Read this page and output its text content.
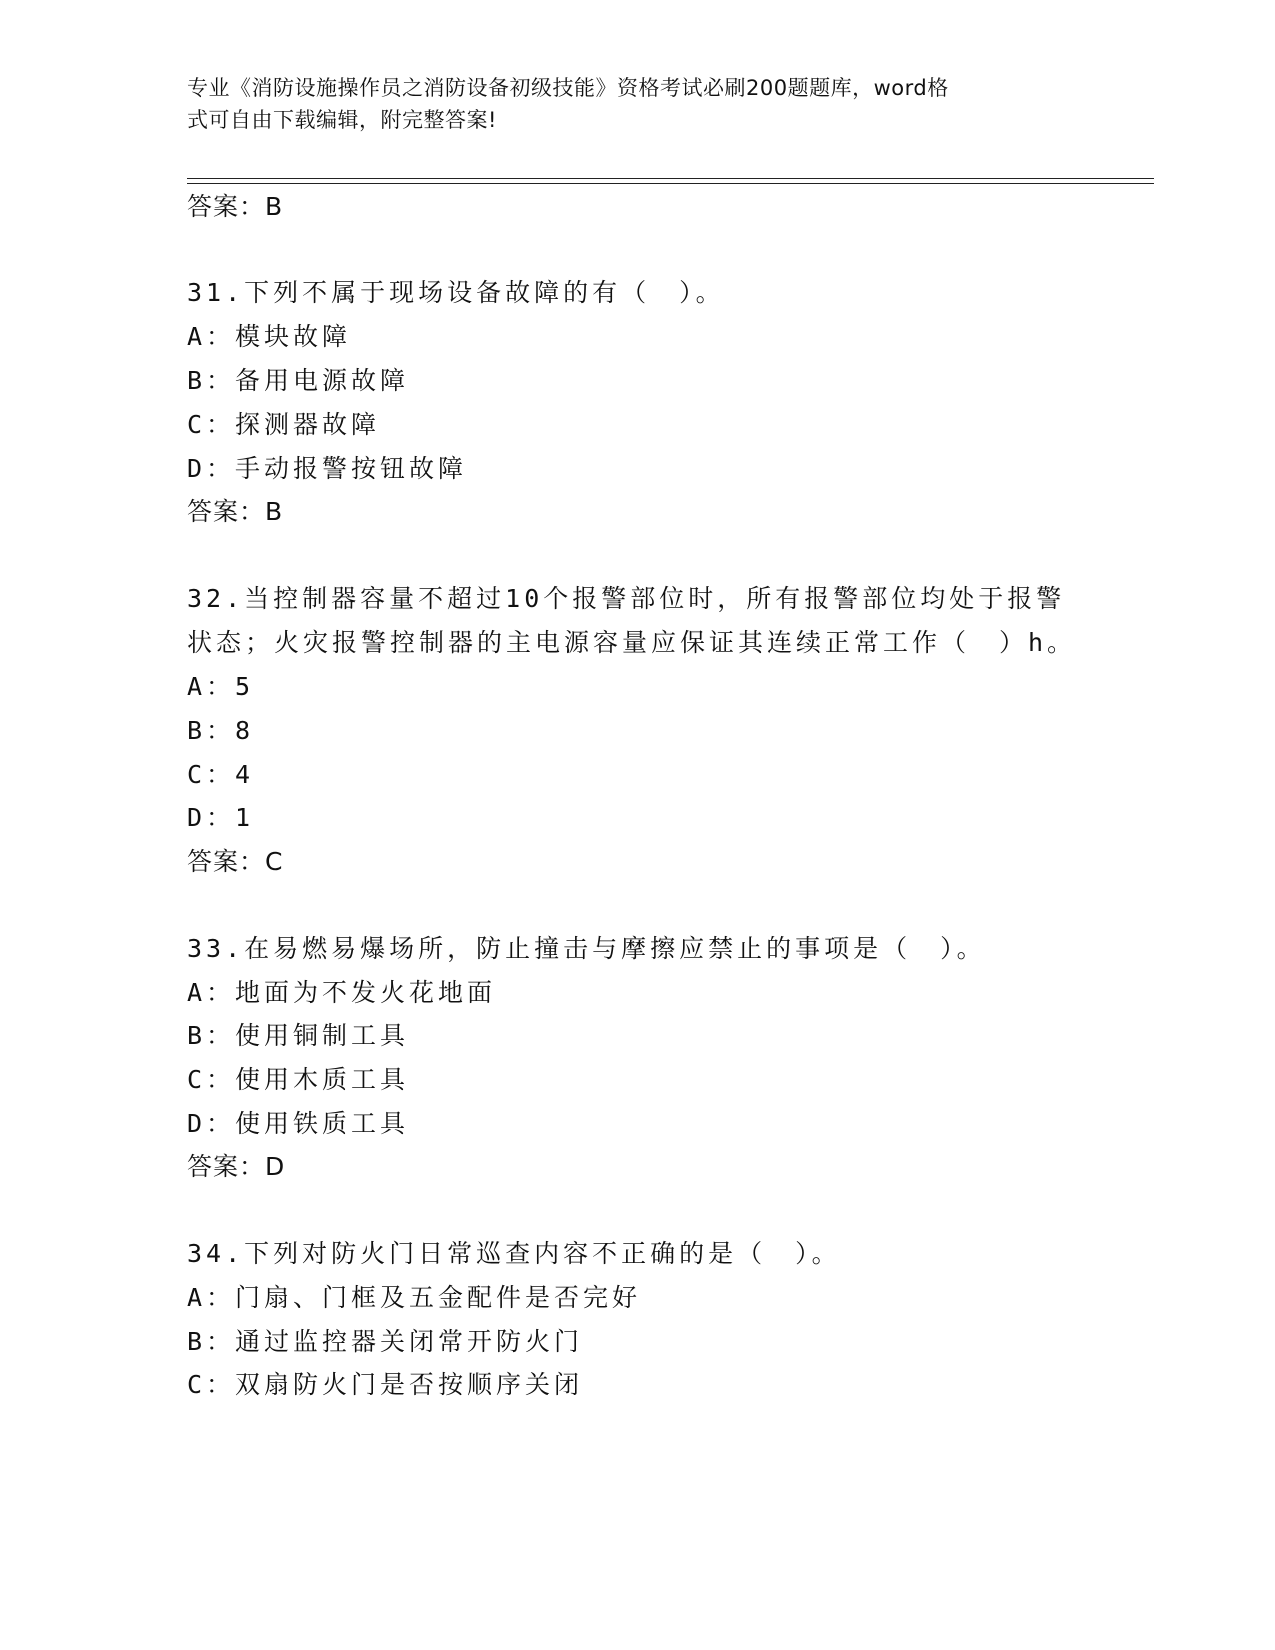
专业《消防设施操作员之消防设备初级技能》资格考试必刷200题题库，word格
式可自由下载编辑，附完整答案!
答案：B
31.下列不属于现场设备故障的有（　）。
A：模块故障
B：备用电源故障
C：探测器故障
D：手动报警按钮故障
答案：B
32.当控制器容量不超过10个报警部位时，所有报警部位均处于报警
状态；火灾报警控制器的主电源容量应保证其连续正常工作（　）h。
A：5
B：8
C：4
D：1
答案：C
33.在易燃易爆场所，防止撞击与摩擦应禁止的事项是（　）。
A：地面为不发火花地面
B：使用铜制工具
C：使用木质工具
D：使用铁质工具
答案：D
34.下列对防火门日常巡查内容不正确的是（　）。
A：门扇、门框及五金配件是否完好
B：通过监控器关闭常开防火门
C：双扇防火门是否按顺序关闭
